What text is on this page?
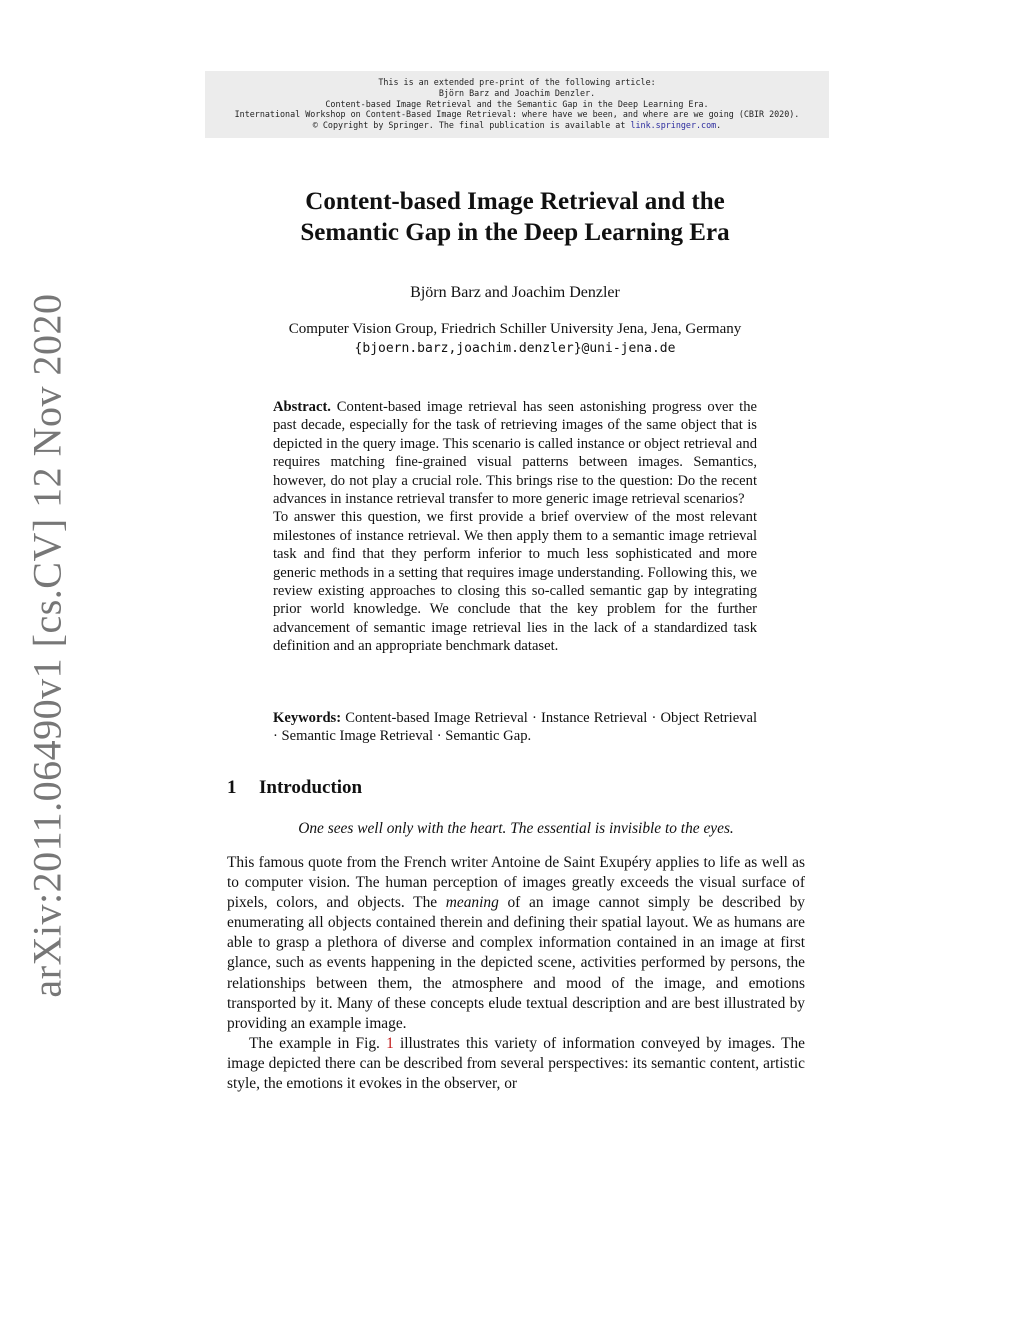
arXiv:2011.06490v1 [cs.CV] 12 Nov 2020
This is an extended pre-print of the following article:
Björn Barz and Joachim Denzler.
Content-based Image Retrieval and the Semantic Gap in the Deep Learning Era.
International Workshop on Content-Based Image Retrieval: where have we been, and where are we going (CBIR 2020).
© Copyright by Springer. The final publication is available at link.springer.com.
Content-based Image Retrieval and the
Semantic Gap in the Deep Learning Era
Björn Barz and Joachim Denzler
Computer Vision Group, Friedrich Schiller University Jena, Jena, Germany
{bjoern.barz,joachim.denzler}@uni-jena.de

Abstract. Content-based image retrieval has seen astonishing progress over the past decade, especially for the task of retrieving images of the same object that is depicted in the query image. This scenario is called instance or object retrieval and requires matching fine-grained visual patterns between images. Semantics, however, do not play a crucial role. This brings rise to the question: Do the recent advances in instance retrieval transfer to more generic image retrieval scenarios?

To answer this question, we first provide a brief overview of the most relevant milestones of instance retrieval. We then apply them to a semantic image retrieval task and find that they perform inferior to much less sophisticated and more generic methods in a setting that requires image understanding. Following this, we review existing approaches to closing this so-called semantic gap by integrating prior world knowledge. We conclude that the key problem for the further advancement of semantic image retrieval lies in the lack of a standardized task definition and an appropriate benchmark dataset.

Keywords: Content-based Image Retrieval · Instance Retrieval · Object Retrieval · Semantic Image Retrieval · Semantic Gap.
1 Introduction
One sees well only with the heart. The essential is invisible to the eyes.

This famous quote from the French writer Antoine de Saint Exupéry applies to life as well as to computer vision. The human perception of images greatly exceeds the visual surface of pixels, colors, and objects. The meaning of an image cannot simply be described by enumerating all objects contained therein and defining their spatial layout. We as humans are able to grasp a plethora of diverse and complex information contained in an image at first glance, such as events happening in the depicted scene, activities performed by persons, the relationships between them, the atmosphere and mood of the image, and emotions transported by it. Many of these concepts elude textual description and are best illustrated by providing an example image.

The example in Fig. 1 illustrates this variety of information conveyed by images. The image depicted there can be described from several perspectives: its semantic content, artistic style, the emotions it evokes in the observer, or
